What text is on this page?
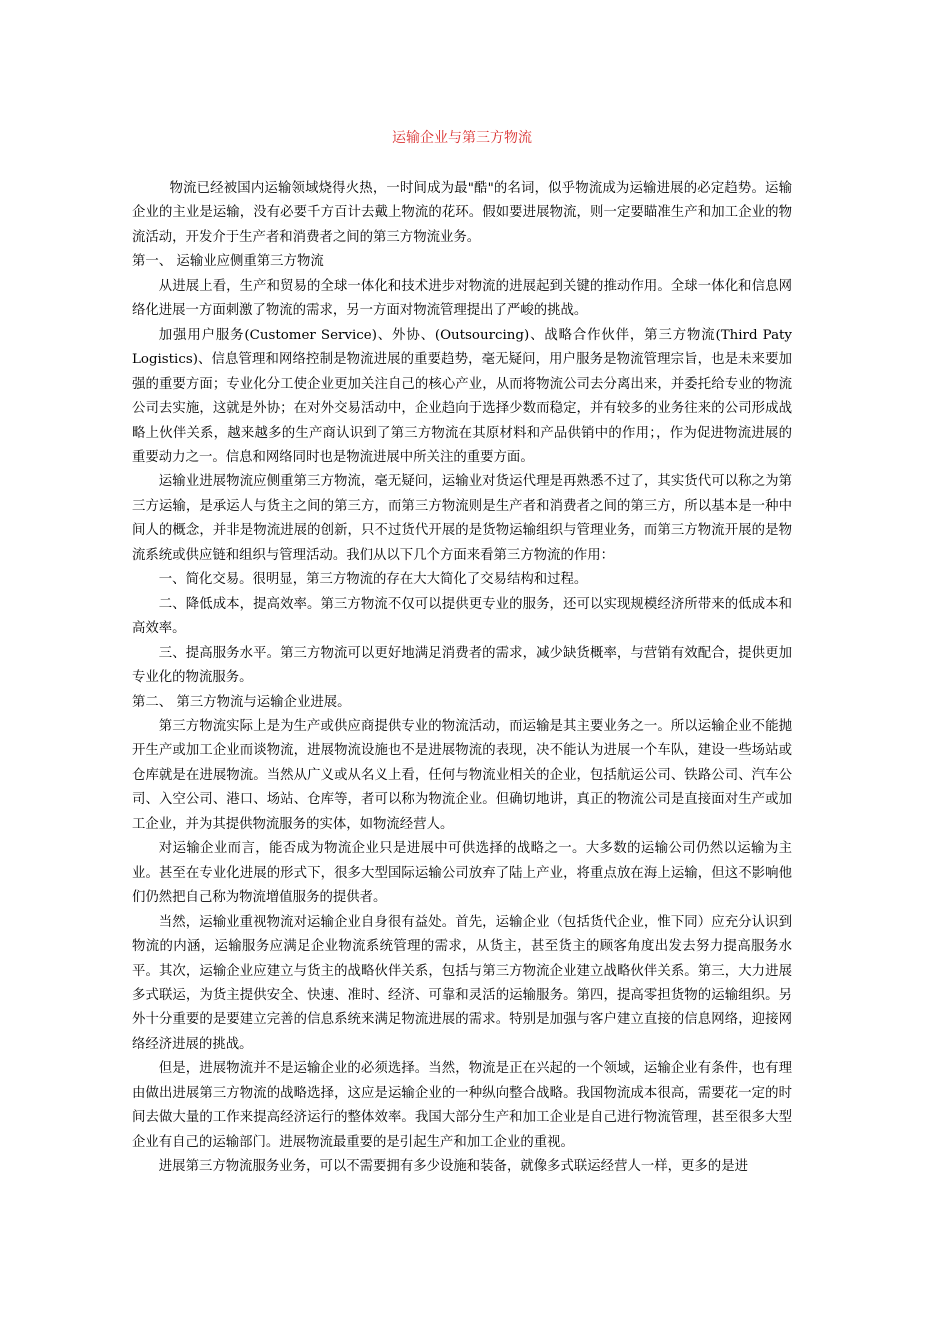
运输企业与第三方物流

物流已经被国内运输领域烧得火热，一时间成为最"酷"的名词，似乎物流成为运输进展的必定趋势。运输企业的主业是运输，没有必要千方百计去戴上物流的花环。假如要进展物流，则一定要瞄准生产和加工企业的物流活动，开发介于生产者和消费者之间的第三方物流业务。

第一、 运输业应侧重第三方物流

从进展上看，生产和贸易的全球一体化和技术进步对物流的进展起到关键的推动作用。全球一体化和信息网络化进展一方面刺激了物流的需求，另一方面对物流管理提出了严峻的挑战。

加强用户服务(Customer Service)、外协、(Outsourcing)、战略合作伙伴，第三方物流(Third Paty Logistics)、信息管理和网络控制是物流进展的重要趋势，毫无疑问，用户服务是物流管理宗旨，也是未来要加强的重要方面；专业化分工使企业更加关注自己的核心产业，从而将物流公司去分离出来，并委托给专业的物流公司去实施，这就是外协；在对外交易活动中，企业趋向于选择少数而稳定，并有较多的业务往来的公司形成战略上伙伴关系，越来越多的生产商认识到了第三方物流在其原材料和产品供销中的作用；，作为促进物流进展的重要动力之一。信息和网络同时也是物流进展中所关注的重要方面。

运输业进展物流应侧重第三方物流，毫无疑问，运输业对货运代理是再熟悉不过了，其实货代可以称之为第三方运输，是承运人与货主之间的第三方，而第三方物流则是生产者和消费者之间的第三方，所以基本是一种中间人的概念，并非是物流进展的创新，只不过货代开展的是货物运输组织与管理业务，而第三方物流开展的是物流系统或供应链和组织与管理活动。我们从以下几个方面来看第三方物流的作用：

一、简化交易。很明显，第三方物流的存在大大简化了交易结构和过程。

二、降低成本，提高效率。第三方物流不仅可以提供更专业的服务，还可以实现规模经济所带来的低成本和高效率。

三、提高服务水平。第三方物流可以更好地满足消费者的需求，减少缺货概率，与营销有效配合，提供更加专业化的物流服务。

第二、 第三方物流与运输企业进展。

第三方物流实际上是为生产或供应商提供专业的物流活动，而运输是其主要业务之一。所以运输企业不能抛开生产或加工企业而谈物流，进展物流设施也不是进展物流的表现，决不能认为进展一个车队，建设一些场站或仓库就是在进展物流。当然从广义或从名义上看，任何与物流业相关的企业，包括航运公司、铁路公司、汽车公司、入空公司、港口、场站、仓库等，者可以称为物流企业。但确切地讲，真正的物流公司是直接面对生产或加工企业，并为其提供物流服务的实体，如物流经营人。

对运输企业而言，能否成为物流企业只是进展中可供选择的战略之一。大多数的运输公司仍然以运输为主业。甚至在专业化进展的形式下，很多大型国际运输公司放弃了陆上产业，将重点放在海上运输，但这不影响他们仍然把自己称为物流增值服务的提供者。

当然，运输业重视物流对运输企业自身很有益处。首先，运输企业（包括货代企业，惟下同）应充分认识到物流的内涵，运输服务应满足企业物流系统管理的需求，从货主，甚至货主的顾客角度出发去努力提高服务水平。其次，运输企业应建立与货主的战略伙伴关系，包括与第三方物流企业建立战略伙伴关系。第三，大力进展多式联运，为货主提供安全、快速、准时、经济、可靠和灵活的运输服务。第四，提高零担货物的运输组织。另外十分重要的是要建立完善的信息系统来满足物流进展的需求。特别是加强与客户建立直接的信息网络，迎接网络经济进展的挑战。

但是，进展物流并不是运输企业的必须选择。当然，物流是正在兴起的一个领域，运输企业有条件，也有理由做出进展第三方物流的战略选择，这应是运输企业的一种纵向整合战略。我国物流成本很高，需要花一定的时间去做大量的工作来提高经济运行的整体效率。我国大部分生产和加工企业是自己进行物流管理，甚至很多大型企业有自己的运输部门。进展物流最重要的是引起生产和加工企业的重视。

进展第三方物流服务业务，可以不需要拥有多少设施和装备，就像多式联运经营人一样，更多的是进
